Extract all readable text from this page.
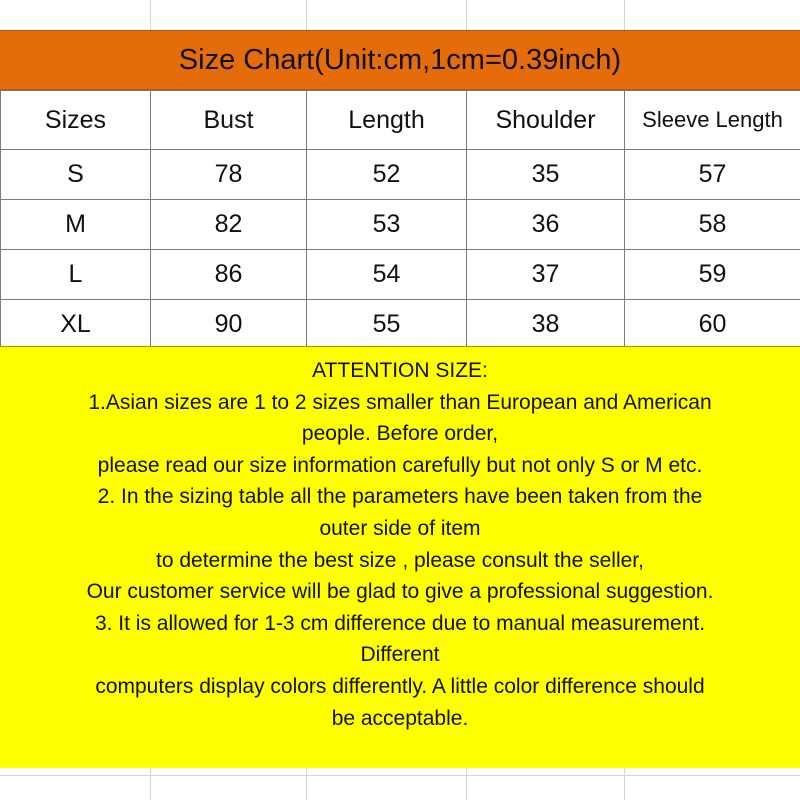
Size Chart(Unit:cm,1cm=0.39inch)
Sizes	Bust	Length	Shoulder	Sleeve Length
S	78	52	35	57
M	82	53	36	58
L	86	54	37	59
XL	90	55	38	60
ATTENTION SIZE:
1.Asian sizes are 1 to 2 sizes smaller than European and American
people. Before order,
please read our size information carefully but not only S or M etc.
2. In the sizing table all the parameters have been taken from the
outer side of item
to determine the best size , please consult the seller,
Our customer service will be glad to give a professional suggestion.
3. It is allowed for 1-3 cm difference due to manual measurement.
Different
computers display colors differently. A little color difference should
be acceptable.
